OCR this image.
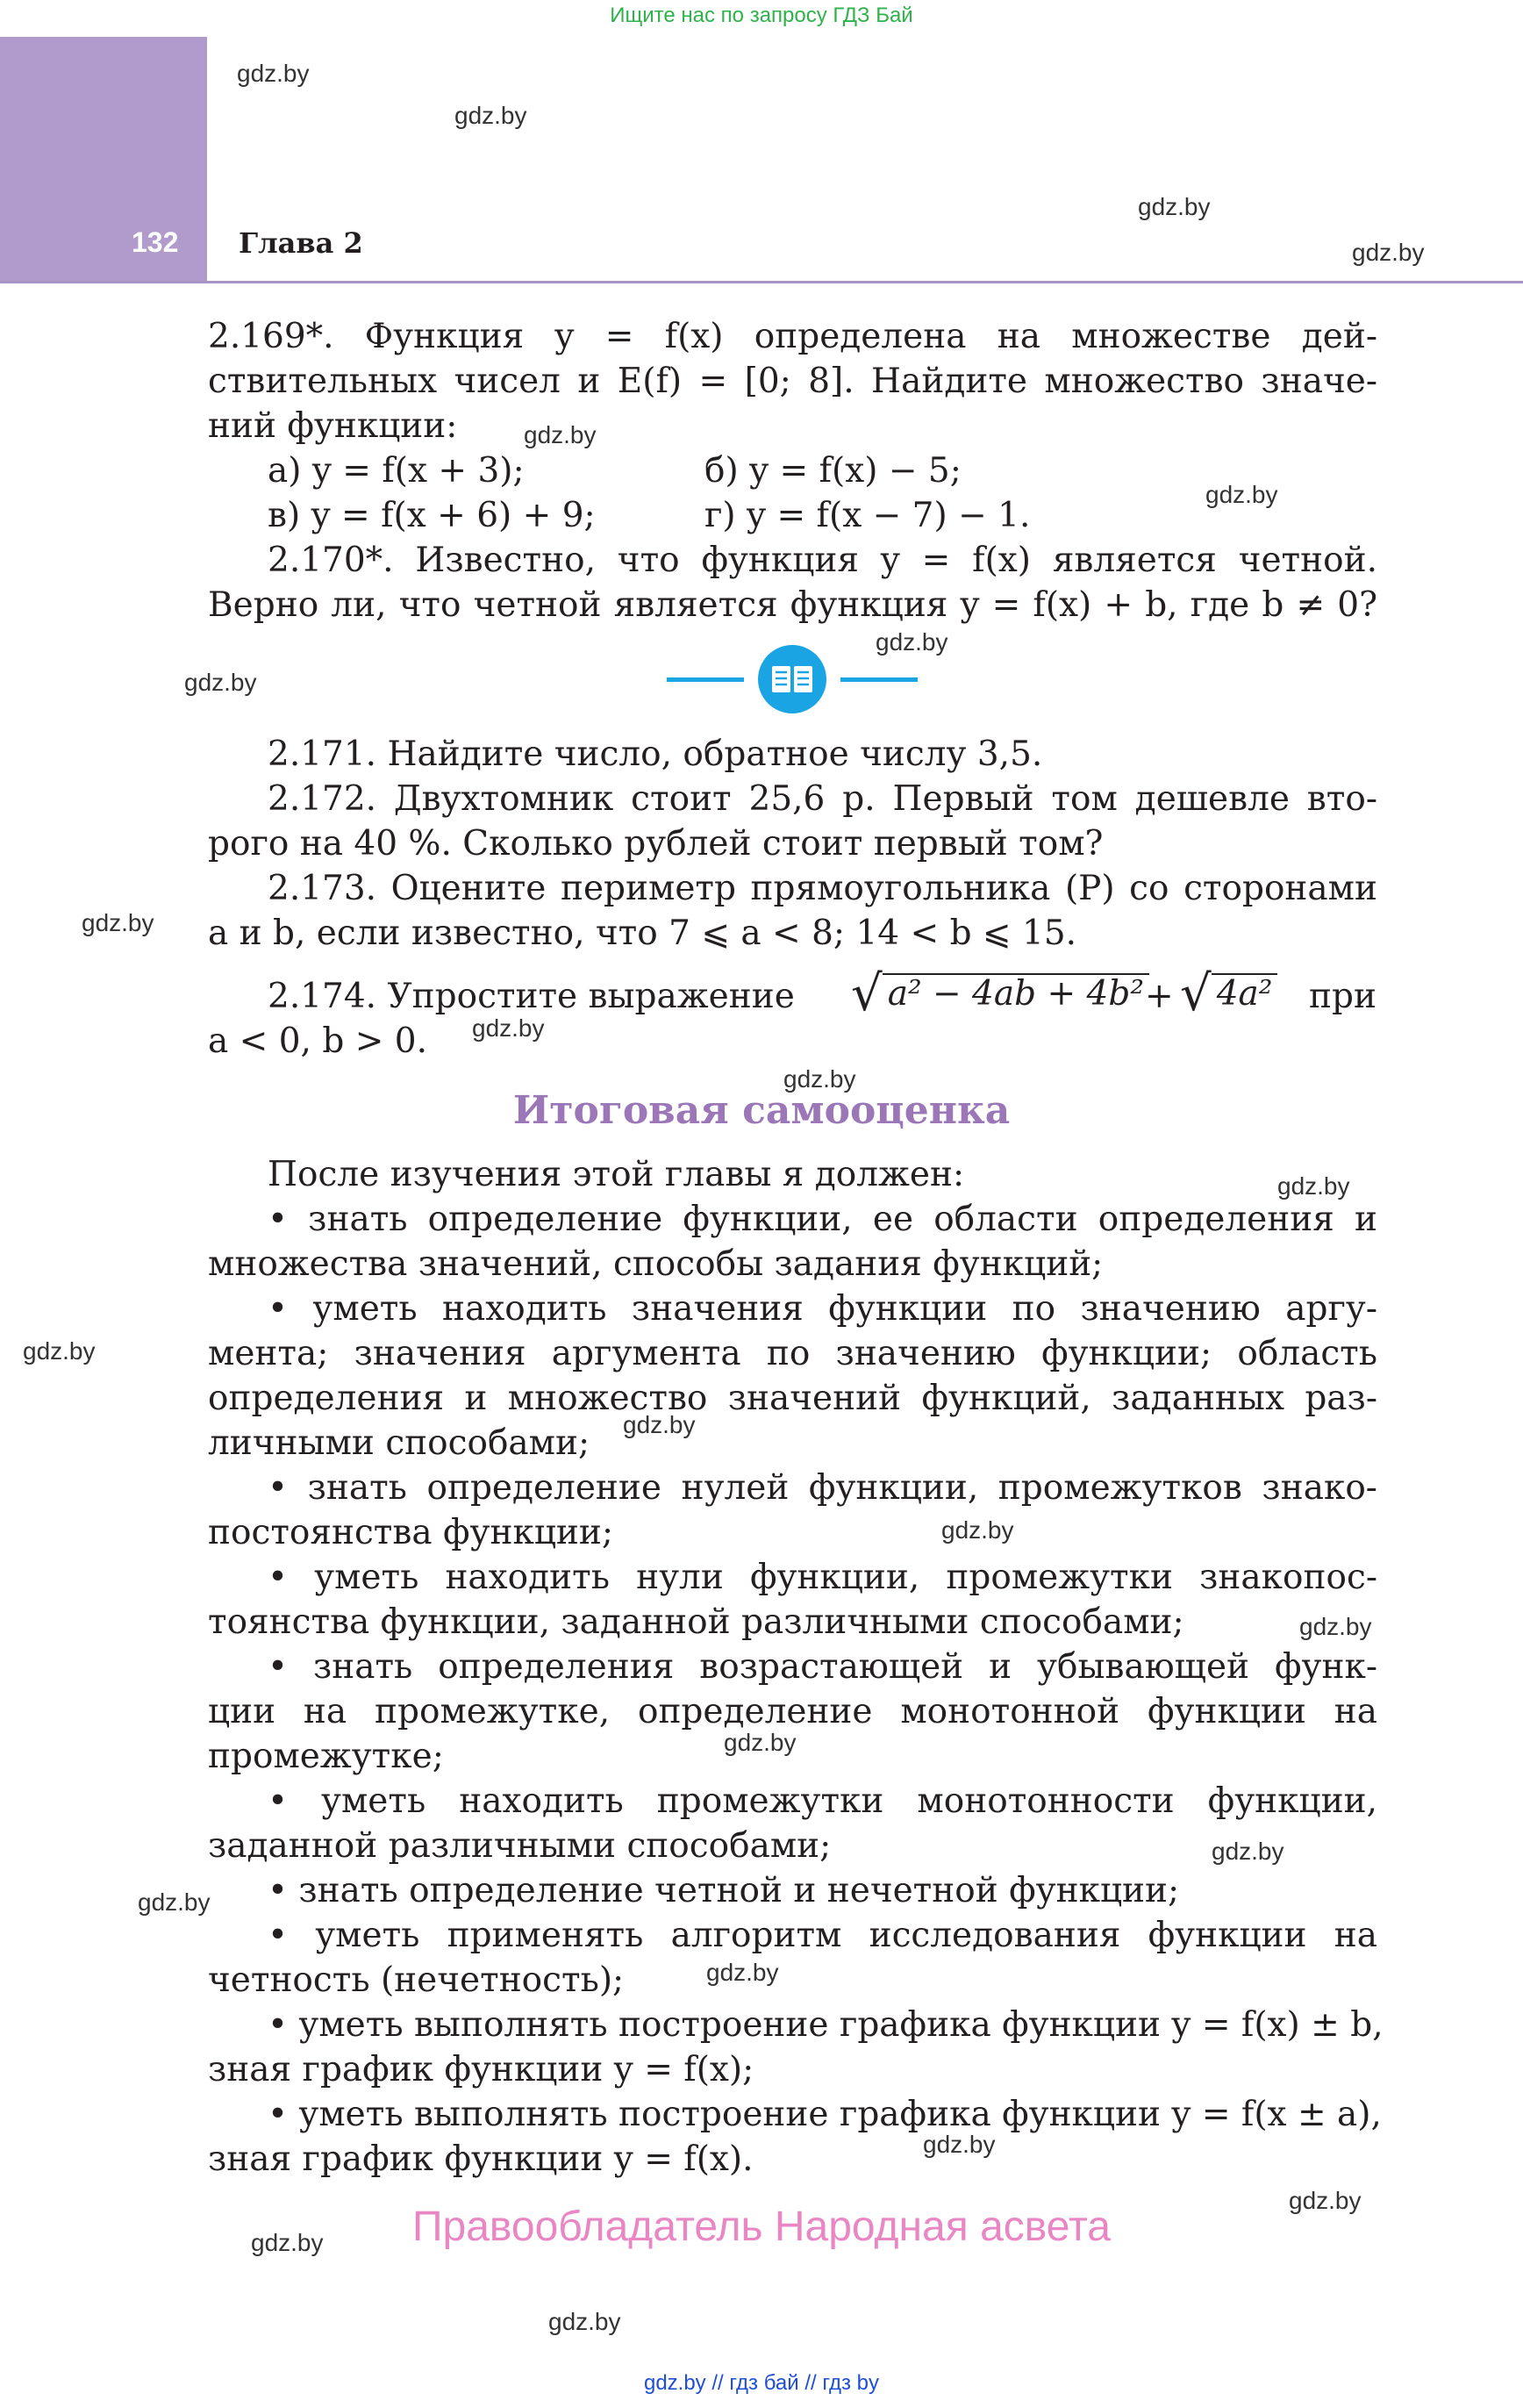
Ищите нас по запросу ГДЗ Бай
132 Глава 2
gdz.by
gdz.by
gdz.by
gdz.by
gdz.by
gdz.by
gdz.by
gdz.by
gdz.by
gdz.by
gdz.by
gdz.by
gdz.by
gdz.by
gdz.by
gdz.by
gdz.by
gdz.by
gdz.by
gdz.by
gdz.by
gdz.by
gdz.by
gdz.by
2.169*. Функция y = f(x) определена на множестве дей-
ствительных чисел и E(f) = [0; 8]. Найдите множество значе-
ний функции:
а) y = f(x + 3);	б) y = f(x) − 5;
в) y = f(x + 6) + 9;	г) y = f(x − 7) − 1.
2.170*. Известно, что функция y = f(x) является четной.
Верно ли, что четной является функция y = f(x) + b, где b ≠ 0?
2.171. Найдите число, обратное числу 3,5.
2.172. Двухтомник стоит 25,6 р. Первый том дешевле вто-
рого на 40 %. Сколько рублей стоит первый том?
2.173. Оцените периметр прямоугольника (P) со сторонами
a и b, если известно, что 7 ⩽ a < 8; 14 < b ⩽ 15.
2.174. Упростите выражение √ a² − 4ab + 4b² + √ 4a² при
a < 0, b > 0.
Итоговая самооценка
После изучения этой главы я должен:
• знать определение функции, ее области определения и
множества значений, способы задания функций;
• уметь находить значения функции по значению аргу-
мента; значения аргумента по значению функции; область
определения и множество значений функций, заданных раз-
личными способами;
• знать определение нулей функции, промежутков знако-
постоянства функции;
• уметь находить нули функции, промежутки знакопос-
тоянства функции, заданной различными способами;
• знать определения возрастающей и убывающей функ-
ции на промежутке, определение монотонной функции на
промежутке;
• уметь находить промежутки монотонности функции,
заданной различными способами;
• знать определение четной и нечетной функции;
• уметь применять алгоритм исследования функции на
четность (нечетность);
• уметь выполнять построение графика функции y = f(x) ± b,
зная график функции y = f(x);
• уметь выполнять построение графика функции y = f(x ± a),
зная график функции y = f(x).
Правообладатель Народная асвета
gdz.by // гдз бай // гдз by
